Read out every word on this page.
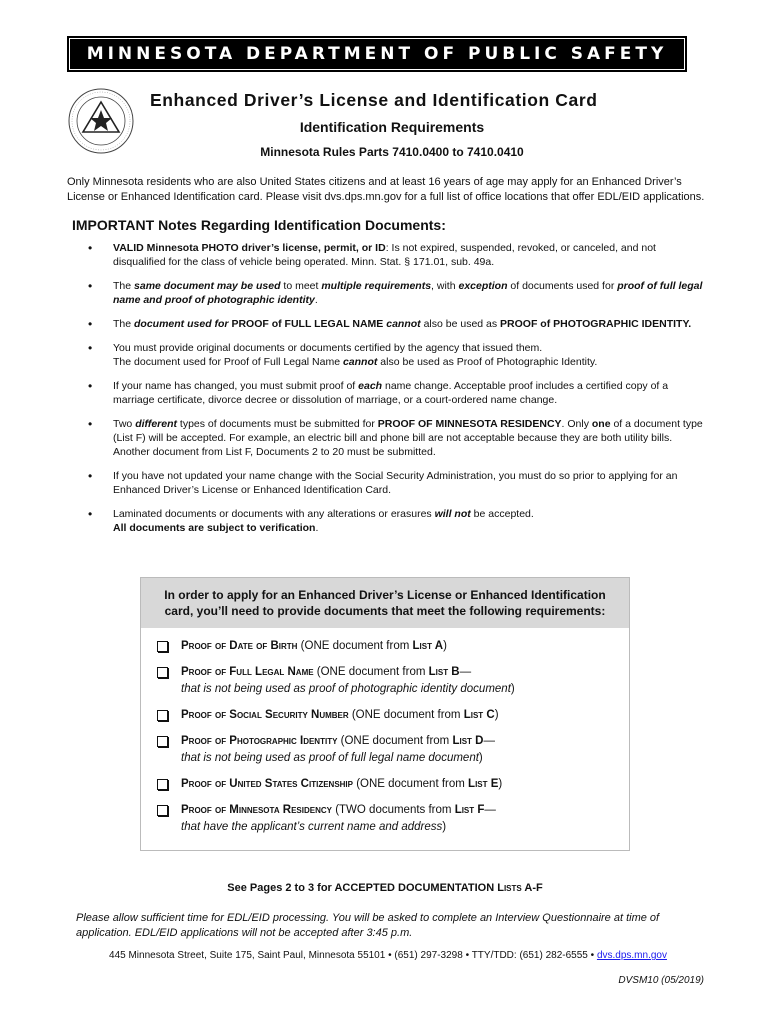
MINNESOTA DEPARTMENT OF PUBLIC SAFETY
Enhanced Driver’s License and Identification Card
Identification Requirements
Minnesota Rules Parts 7410.0400 to 7410.0410
Only Minnesota residents who are also United States citizens and at least 16 years of age may apply for an Enhanced Driver’s License or Enhanced Identification card. Please visit dvs.dps.mn.gov for a full list of office locations that offer EDL/EID applications.
IMPORTANT Notes Regarding Identification Documents:
• VALID Minnesota PHOTO driver’s license, permit, or ID: Is not expired, suspended, revoked, or canceled, and not disqualified for the class of vehicle being operated. Minn. Stat. § 171.01, sub. 49a.
• The same document may be used to meet multiple requirements, with exception of documents used for proof of full legal name and proof of photographic identity.
• The document used for PROOF of FULL LEGAL NAME cannot also be used as PROOF of PHOTOGRAPHIC IDENTITY.
• You must provide original documents or documents certified by the agency that issued them.
The document used for Proof of Full Legal Name cannot also be used as Proof of Photographic Identity.
• If your name has changed, you must submit proof of each name change. Acceptable proof includes a certified copy of a marriage certificate, divorce decree or dissolution of marriage, or a court-ordered name change.
• Two different types of documents must be submitted for PROOF OF MINNESOTA RESIDENCY. Only one of a document type (List F) will be accepted. For example, an electric bill and phone bill are not acceptable because they are both utility bills. Another document from List F, Documents 2 to 20 must be submitted.
• If you have not updated your name change with the Social Security Administration, you must do so prior to applying for an Enhanced Driver’s License or Enhanced Identification Card.
• Laminated documents or documents with any alterations or erasures will not be accepted.
All documents are subject to verification.
In order to apply for an Enhanced Driver’s License or Enhanced Identification card, you’ll need to provide documents that meet the following requirements:
Proof of Date of Birth (ONE document from List A)
Proof of Full Legal Name (ONE document from List B—
that is not being used as proof of photographic identity document)
Proof of Social Security Number (ONE document from List C)
Proof of Photographic Identity (ONE document from List D—
that is not being used as proof of full legal name document)
Proof of United States Citizenship (ONE document from List E)
Proof of Minnesota Residency (TWO documents from List F—
that have the applicant’s current name and address)
See Pages 2 to 3 for ACCEPTED DOCUMENTATION Lists A-F
Please allow sufficient time for EDL/EID processing. You will be asked to complete an Interview Questionnaire at time of application. EDL/EID applications will not be accepted after 3:45 p.m.
445 Minnesota Street, Suite 175, Saint Paul, Minnesota 55101 • (651) 297-3298 • TTY/TDD: (651) 282-6555 • dvs.dps.mn.gov
DVSM10 (05/2019)
